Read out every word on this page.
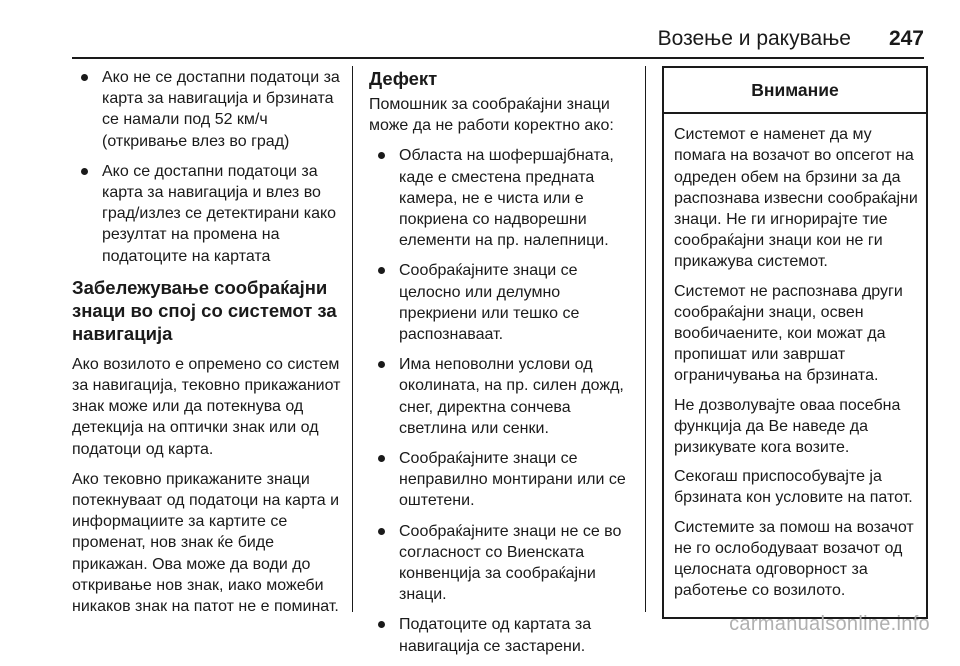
Возење и ракување 247
Ако не се достапни податоци за карта за навигација и брзината се намали под 52 км/ч (откривање влез во град)
Ако се достапни податоци за карта за навигација и влез во град/излез се детектирани како резултат на промена на податоците на картата
Забележување сообраќајни знаци во спој со системот за навигација

Ако возилото е опремено со систем за навигација, тековно прикажаниот знак може или да потекнува од детекција на оптички знак или од податоци од карта.

Ако тековно прикажаните знаци потекнуваат од податоци на карта и информациите за картите се променат, нов знак ќе биде прикажан. Ова може да води до откривање нов знак, иако можеби никаков знак на патот не е поминат.

Дефект

Помошник за сообраќајни знаци може да не работи коректно ако:

Областа на шофершајбната, каде е сместена предната камера, не е чиста или е покриена со надворешни елементи на пр. налепници.
Сообраќајните знаци се целосно или делумно прекриени или тешко се распознаваат.
Има неповолни услови од околината, на пр. силен дожд, снег, директна сончева светлина или сенки.
Сообраќајните знаци се неправилно монтирани или се оштетени.
Сообраќајните знаци не се во согласност со Виенската конвенција за сообраќајни знаци.
Податоците од картата за навигација се застарени.
Внимание

Системот е наменет да му помага на возачот во опсегот на одреден обем на брзини за да распознава извесни сообраќајни знаци. Не ги игнорирајте тие сообраќајни знаци кои не ги прикажува системот.

Системот не распознава други сообраќајни знаци, освен вообичаените, кои можат да пропишат или завршат ограничувања на брзината.

Не дозволувајте оваа посебна функција да Ве наведе да ризикувате кога возите.

Секогаш приспособувајте ја брзината кон условите на патот.

Системите за помош на возачот не го ослободуваат возачот од целосната одговорност за работење со возилото.

carmanualsonline.info
